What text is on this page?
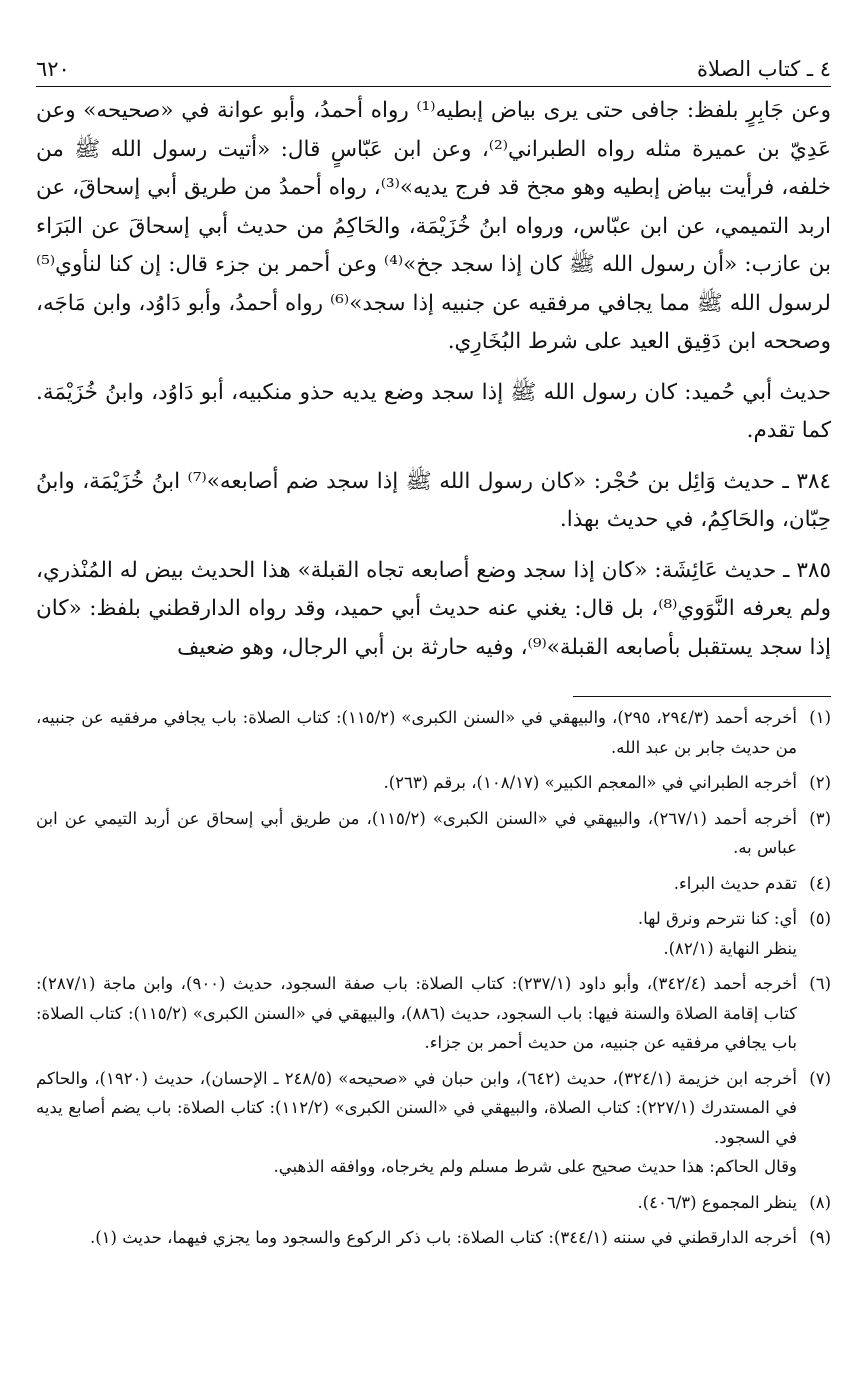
٤ ـ كتاب الصلاة
٦٢٠

وعن جَابِرٍ بلفظ: جافى حتى يرى بياض إبطيه⁽¹⁾ رواه أحمدُ، وأبو عوانة في «صحيحه» وعن عَدِيّ بن عميرة مثله رواه الطبراني⁽²⁾، وعن ابن عَبّاسٍ قال: «أتيت رسول الله ﷺ من خلفه، فرأيت بياض إبطيه وهو مجخ قد فرج يديه»⁽³⁾، رواه أحمدُ من طريق أبي إسحاقَ، عن اربد التميمي، عن ابن عبّاس، ورواه ابنُ خُزَيْمَة، والحَاكِمُ من حديث أبي إسحاقَ عن البَرَاء بن عازب: «أن رسول الله ﷺ كان إذا سجد جخ»⁽⁴⁾ وعن أحمر بن جزء قال: إن كنا لنأوي⁽⁵⁾ لرسول الله ﷺ مما يجافي مرفقيه عن جنبيه إذا سجد»⁽⁶⁾ رواه أحمدُ، وأبو دَاوُد، وابن مَاجَه، وصححه ابن دَقِيق العيد على شرط البُخَارِي.

حديث أبي حُميد: كان رسول الله ﷺ إذا سجد وضع يديه حذو منكبيه، أبو دَاوُد، وابنُ خُزَيْمَة. كما تقدم.

٣٨٤ ـ حديث وَائِل بن حُجْر: «كان رسول الله ﷺ إذا سجد ضم أصابعه»⁽⁷⁾ ابنُ خُزَيْمَة، وابنُ حِبّان، والحَاكِمُ، في حديث بهذا.

٣٨٥ ـ حديث عَائِشَة: «كان إذا سجد وضع أصابعه تجاه القبلة» هذا الحديث بيض له المُنْذري، ولم يعرفه النَّوَوي⁽⁸⁾، بل قال: يغني عنه حديث أبي حميد، وقد رواه الدارقطني بلفظ: «كان إذا سجد يستقبل بأصابعه القبلة»⁽⁹⁾، وفيه حارثة بن أبي الرجال، وهو ضعيف

(١)
أخرجه أحمد (٢٩٤/٣، ٢٩٥)، والبيهقي في «السنن الكبرى» (١١٥/٢): كتاب الصلاة: باب يجافي مرفقيه عن جنبيه، من حديث جابر بن عبد الله.
(٢)
أخرجه الطبراني في «المعجم الكبير» (١٠٨/١٧)، برقم (٢٦٣).
(٣)
أخرجه أحمد (٢٦٧/١)، والبيهقي في «السنن الكبرى» (١١٥/٢)، من طريق أبي إسحاق عن أربد التيمي عن ابن عباس به.
(٤)
تقدم حديث البراء.
(٥)
أي: كنا نترحم ونرق لها.
ينظر النهاية (٨٢/١).
(٦)
أخرجه أحمد (٣٤٢/٤)، وأبو داود (٢٣٧/١): كتاب الصلاة: باب صفة السجود، حديث (٩٠٠)، وابن ماجة (٢٨٧/١): كتاب إقامة الصلاة والسنة فيها: باب السجود، حديث (٨٨٦)، والبيهقي في «السنن الكبرى» (١١٥/٢): كتاب الصلاة: باب يجافي مرفقيه عن جنبيه، من حديث أحمر بن جزاء.
(٧)
أخرجه ابن خزيمة (٣٢٤/١)، حديث (٦٤٢)، وابن حبان في «صحيحه» (٢٤٨/٥ ـ الإحسان)، حديث (١٩٢٠)، والحاكم في المستدرك (٢٢٧/١): كتاب الصلاة، والبيهقي في «السنن الكبرى» (١١٢/٢): كتاب الصلاة: باب يضم أصابع يديه في السجود.
وقال الحاكم: هذا حديث صحيح على شرط مسلم ولم يخرجاه، ووافقه الذهبي.
(٨)
ينظر المجموع (٤٠٦/٣).
(٩)
أخرجه الدارقطني في سننه (٣٤٤/١): كتاب الصلاة: باب ذكر الركوع والسجود وما يجزي فيهما، حديث (١).
